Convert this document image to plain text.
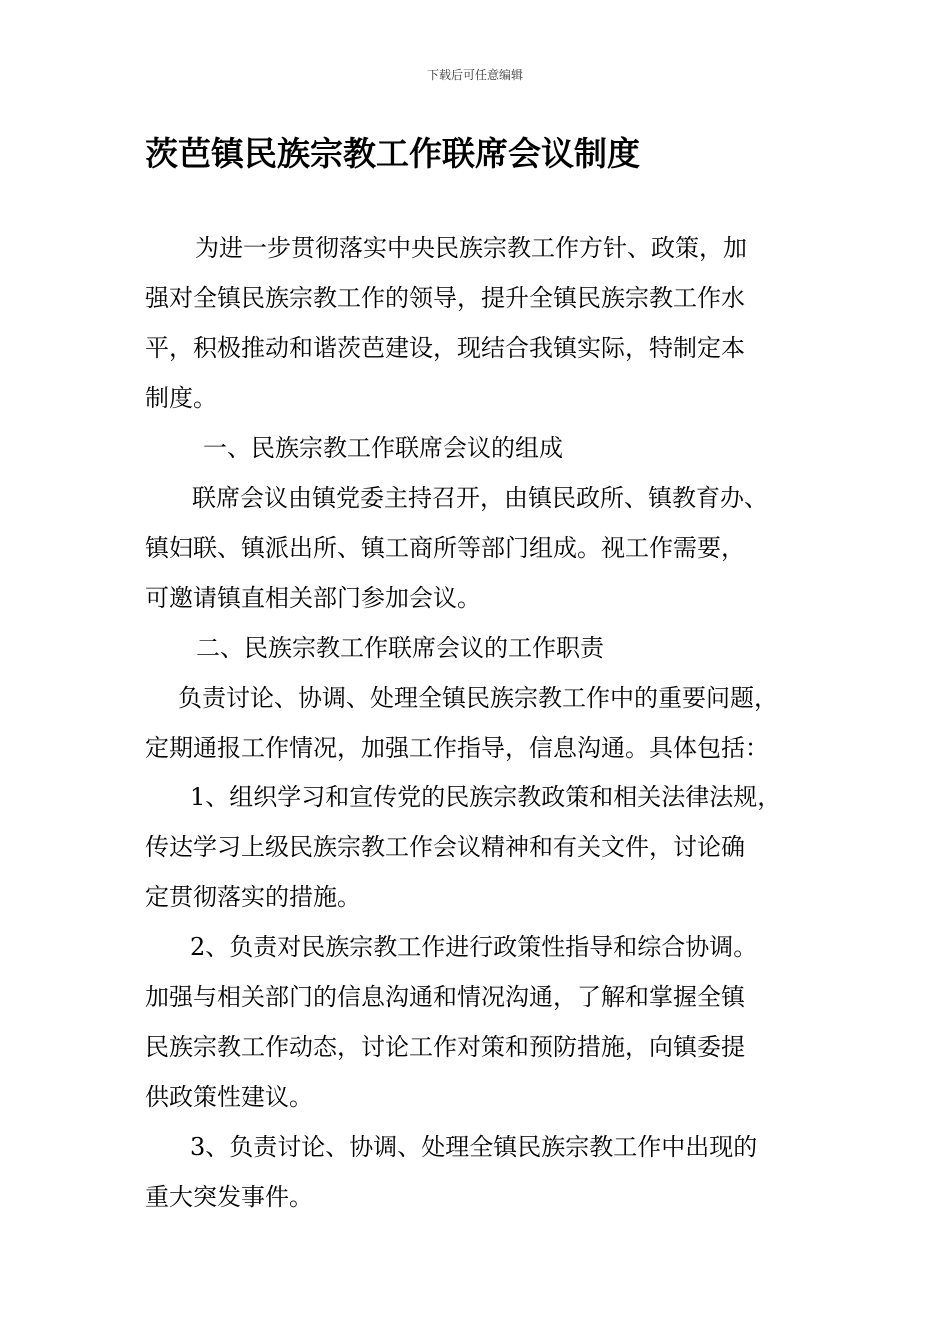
下载后可任意编辑
茨芭镇民族宗教工作联席会议制度
为进一步贯彻落实中央民族宗教工作方针、政策，加
强对全镇民族宗教工作的领导，提升全镇民族宗教工作水
平，积极推动和谐茨芭建设，现结合我镇实际，特制定本
制度。
一、民族宗教工作联席会议的组成
联席会议由镇党委主持召开，由镇民政所、镇教育办、
镇妇联、镇派出所、镇工商所等部门组成。视工作需要，
可邀请镇直相关部门参加会议。
二、民族宗教工作联席会议的工作职责
负责讨论、协调、处理全镇民族宗教工作中的重要问题，
定期通报工作情况，加强工作指导，信息沟通。具体包括：
1、组织学习和宣传党的民族宗教政策和相关法律法规，
传达学习上级民族宗教工作会议精神和有关文件，讨论确
定贯彻落实的措施。
2、负责对民族宗教工作进行政策性指导和综合协调。
加强与相关部门的信息沟通和情况沟通，了解和掌握全镇
民族宗教工作动态，讨论工作对策和预防措施，向镇委提
供政策性建议。
3、负责讨论、协调、处理全镇民族宗教工作中出现的
重大突发事件。
